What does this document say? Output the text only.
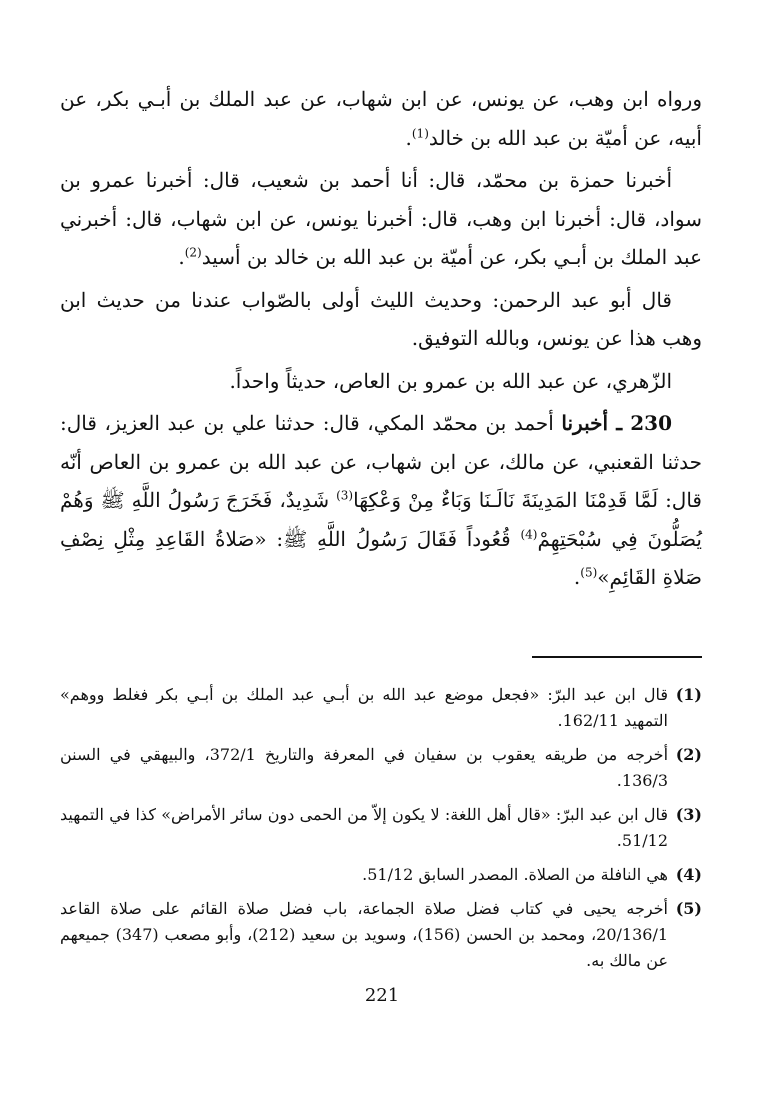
ورواه ابن وهب، عن يونس، عن ابن شهاب، عن عبد الملك بن أبـي بكر، عن أبيه، عن أميّة بن عبد الله بن خالد$^{(1)}$.

أخبرنا حمزة بن محمّد، قال: أنا أحمد بن شعيب، قال: أخبرنا عمرو بن سواد، قال: أخبرنا ابن وهب، قال: أخبرنا يونس، عن ابن شهاب، قال: أخبرني عبد الملك بن أبـي بكر، عن أميّة بن عبد الله بن خالد بن أسيد$^{(2)}$.

قال أبو عبد الرحمن: وحديث الليث أولى بالصّواب عندنا من حديث ابن وهب هذا عن يونس، وبالله التوفيق.

الزّهري، عن عبد الله بن عمرو بن العاص، حديثاً واحداً.

230 ـ أخبرنا أحمد بن محمّد المكي، قال: حدثنا علي بن عبد العزيز، قال: حدثنا القعنبي، عن مالك، عن ابن شهاب، عن عبد الله بن عمرو بن العاص أنّه قال: لَمَّا قَدِمْنَا المَدِينَةَ نَالَـنَا وَبَاءٌ مِنْ وَعْكِهَا$^{(3)}$ شَدِيدٌ، فَخَرَجَ رَسُولُ اللَّهِ ﷺ وَهُمْ يُصَلُّونَ فِي سُبْحَتِهِمْ$^{(4)}$ قُعُوداً فَقَالَ رَسُولُ اللَّهِ ﷺ: «صَلاةُ القَاعِدِ مِثْلِ نِصْفِ صَلاةِ القَائِمِ»$^{(5)}$.

(1)
قال ابن عبد البرّ: «فجعل موضع عبد الله بن أبـي عبد الملك بن أبـي بكر فغلط ووهم» التمهيد 162/11.
(2)
أخرجه من طريقه يعقوب بن سفيان في المعرفة والتاريخ 372/1، والبيهقي في السنن 136/3.
(3)
قال ابن عبد البرّ: «قال أهل اللغة: لا يكون إلاّ من الحمى دون سائر الأمراض» كذا في التمهيد 51/12.
(4)
هي النافلة من الصلاة. المصدر السابق 51/12.
(5)
أخرجه يحيى في كتاب فضل صلاة الجماعة، باب فضل صلاة القائم على صلاة القاعد 20/136/1، ومحمد بن الحسن (156)، وسويد بن سعيد (212)، وأبو مصعب (347) جميعهم عن مالك به.
221
